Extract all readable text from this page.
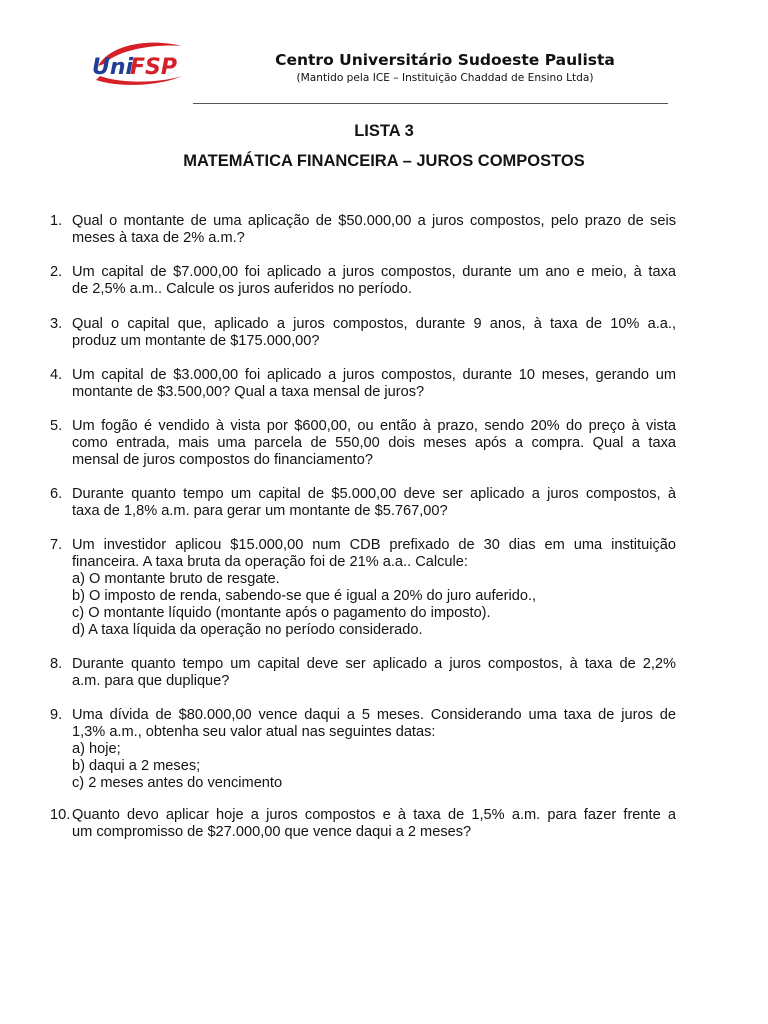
Uni
FSP	Centro Universitário Sudoeste Paulista
(Mantido pela ICE – Instituição Chaddad de Ensino Ltda)
LISTA 3
MATEMÁTICA FINANCEIRA – JUROS COMPOSTOS
1. Qual o montante de uma aplicação de $50.000,00 a juros compostos, pelo prazo de seis
meses à taxa de 2% a.m.?
2. Um capital de $7.000,00 foi aplicado a juros compostos, durante um ano e meio, à taxa
de 2,5% a.m.. Calcule os juros auferidos no período.
3. Qual o capital que, aplicado a juros compostos, durante 9 anos, à taxa de 10% a.a.,
produz um montante de $175.000,00?
4. Um capital de $3.000,00 foi aplicado a juros compostos, durante 10 meses, gerando um
montante de $3.500,00? Qual a taxa mensal de juros?
5. Um fogão é vendido à vista por $600,00, ou então à prazo, sendo 20% do preço à vista
como entrada, mais uma parcela de 550,00 dois meses após a compra. Qual a taxa
mensal de juros compostos do financiamento?
6. Durante quanto tempo um capital de $5.000,00 deve ser aplicado a juros compostos, à
taxa de 1,8% a.m. para gerar um montante de $5.767,00?
7. Um investidor aplicou $15.000,00 num CDB prefixado de 30 dias em uma instituição
financeira. A taxa bruta da operação foi de 21% a.a.. Calcule:
a) O montante bruto de resgate.
b) O imposto de renda, sabendo-se que é igual a 20% do juro auferido.,
c) O montante líquido (montante após o pagamento do imposto).
d) A taxa líquida da operação no período considerado.
8. Durante quanto tempo um capital deve ser aplicado a juros compostos, à taxa de 2,2%
a.m. para que duplique?
9. Uma dívida de $80.000,00 vence daqui a 5 meses. Considerando uma taxa de juros de
1,3% a.m., obtenha seu valor atual nas seguintes datas:
a) hoje;
b) daqui a 2 meses;
c) 2 meses antes do vencimento
10. Quanto devo aplicar hoje a juros compostos e à taxa de 1,5% a.m. para fazer frente a
um compromisso de $27.000,00 que vence daqui a 2 meses?
